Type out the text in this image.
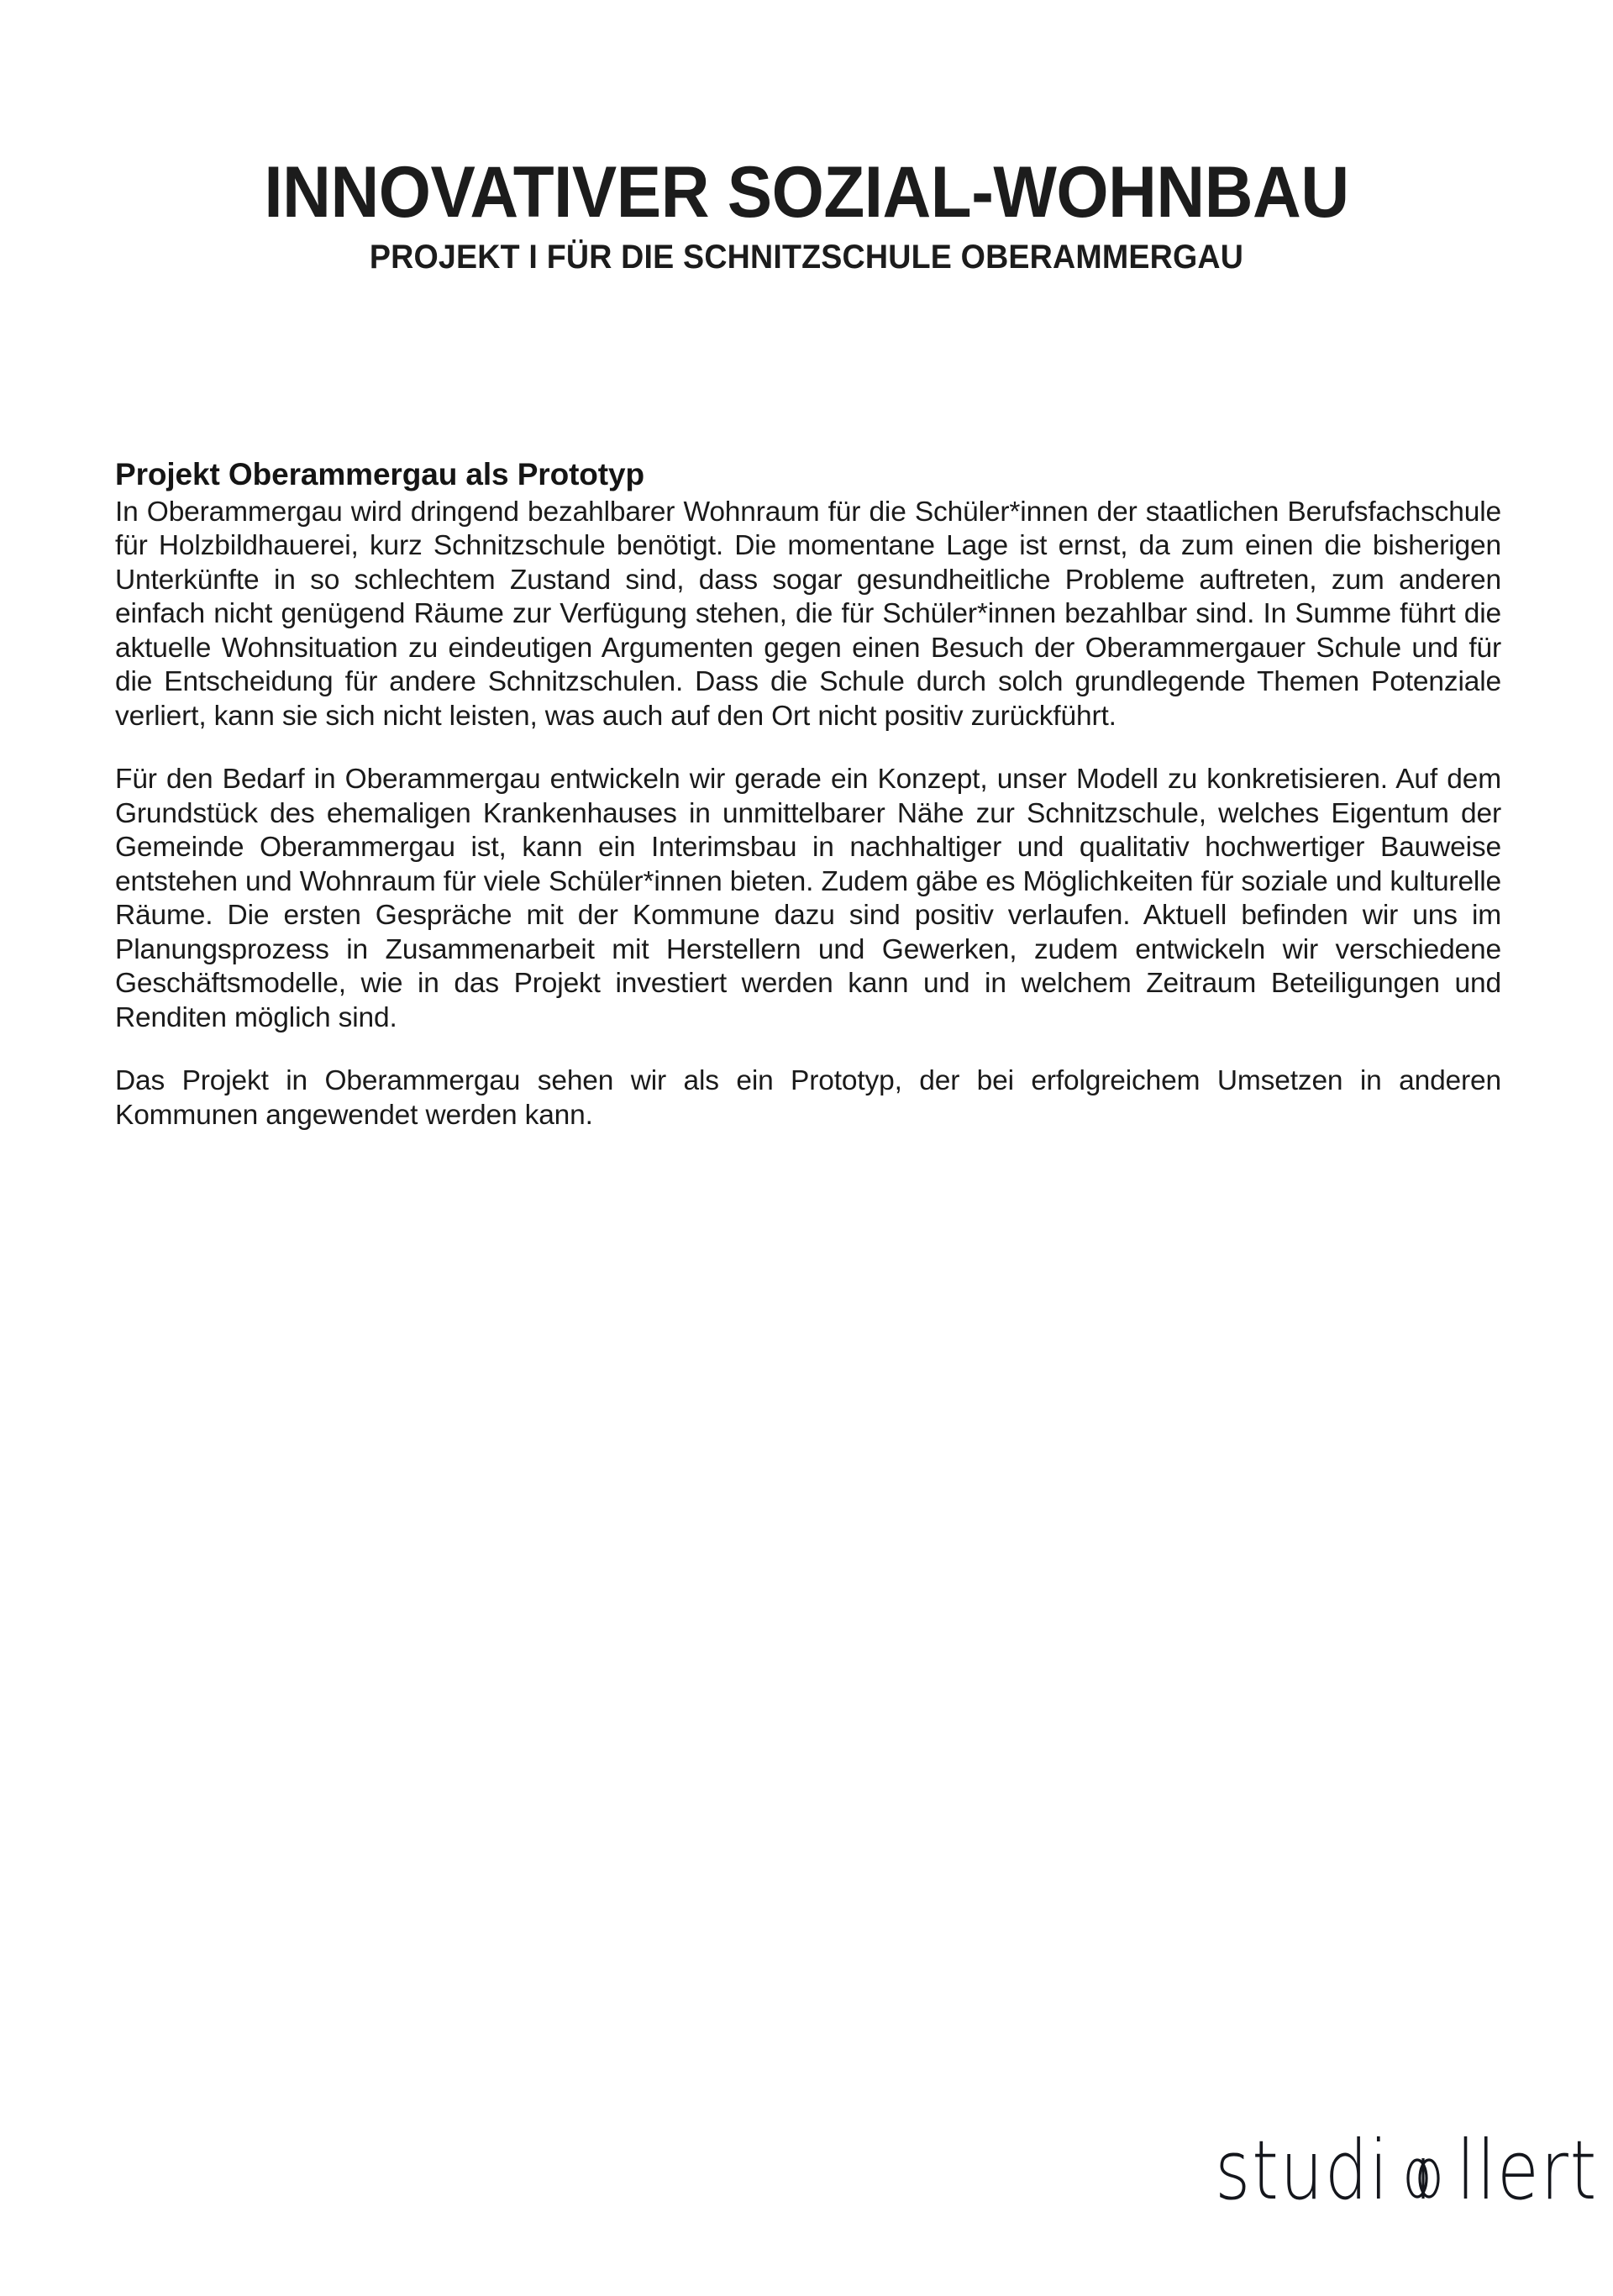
INNOVATIVER SOZIAL-WOHNBAU
PROJEKT I FÜR DIE SCHNITZSCHULE OBERAMMERGAU
Projekt Oberammergau als Prototyp

In Oberammergau wird dringend bezahlbarer Wohnraum für die Schüler*innen der staatlichen Berufsfachschule für Holzbildhauerei, kurz Schnitzschule benötigt. Die momentane Lage ist ernst, da zum einen die bisherigen Unterkünfte in so schlechtem Zustand sind, dass sogar gesundheitliche Probleme auftreten, zum anderen einfach nicht genügend Räume zur Verfügung stehen, die für Schüler*innen bezahlbar sind. In Summe führt die aktuelle Wohnsituation zu eindeutigen Argumenten gegen einen Besuch der Oberammergauer Schule und für die Entscheidung für andere Schnitzschulen. Dass die Schule durch solch grundlegende Themen Potenziale verliert, kann sie sich nicht leisten, was auch auf den Ort nicht positiv zurückführt.

Für den Bedarf in Oberammergau entwickeln wir gerade ein Konzept, unser Modell zu konkretisieren. Auf dem Grundstück des ehemaligen Krankenhauses in unmittelbarer Nähe zur Schnitzschule, welches Eigentum der Gemeinde Oberammergau ist, kann ein Interimsbau in nachhaltiger und qualitativ hochwertiger Bauweise entstehen und Wohnraum für viele Schüler*innen bieten. Zudem gäbe es Möglichkeiten für soziale und kulturelle Räume. Die ersten Gespräche mit der Kommune dazu sind positiv verlaufen. Aktuell befinden wir uns im Planungsprozess in Zusammenarbeit mit Herstellern und Gewerken, zudem entwickeln wir verschiedene Geschäftsmodelle, wie in das Projekt investiert werden kann und in welchem Zeitraum Beteiligungen und Renditen möglich sind.

Das Projekt in Oberammergau sehen wir als ein Prototyp, der bei erfolgreichem Umsetzen in anderen Kommunen angewendet werden kann.

studi llert
